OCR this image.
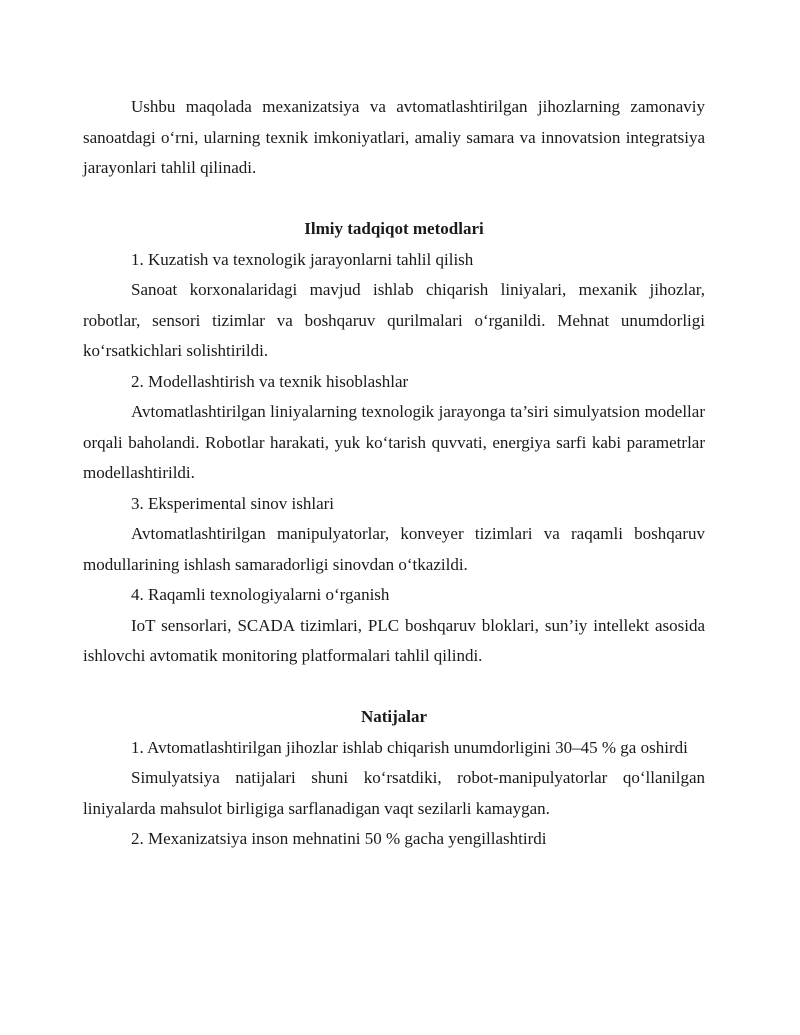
Ushbu maqolada mexanizatsiya va avtomatlashtirilgan jihozlarning zamonaviy sanoatdagi o‘rni, ularning texnik imkoniyatlari, amaliy samara va innovatsion integratsiya jarayonlari tahlil qilinadi.

Ilmiy tadqiqot metodlari

1. Kuzatish va texnologik jarayonlarni tahlil qilish

Sanoat korxonalaridagi mavjud ishlab chiqarish liniyalari, mexanik jihozlar, robotlar, sensori tizimlar va boshqaruv qurilmalari o‘rganildi. Mehnat unumdorligi ko‘rsatkichlari solishtirildi.

2. Modellashtirish va texnik hisoblashlar

Avtomatlashtirilgan liniyalarning texnologik jarayonga ta’siri simulyatsion modellar orqali baholandi. Robotlar harakati, yuk ko‘tarish quvvati, energiya sarfi kabi parametrlar modellashtirildi.

3. Eksperimental sinov ishlari

Avtomatlashtirilgan manipulyatorlar, konveyer tizimlari va raqamli boshqaruv modullarining ishlash samaradorligi sinovdan o‘tkazildi.

4. Raqamli texnologiyalarni o‘rganish

IoT sensorlari, SCADA tizimlari, PLC boshqaruv bloklari, sun’iy intellekt asosida ishlovchi avtomatik monitoring platformalari tahlil qilindi.

Natijalar

1. Avtomatlashtirilgan jihozlar ishlab chiqarish unumdorligini 30–45 % ga oshirdi

Simulyatsiya natijalari shuni ko‘rsatdiki, robot-manipulyatorlar qo‘llanilgan liniyalarda mahsulot birligiga sarflanadigan vaqt sezilarli kamaygan.

2. Mexanizatsiya inson mehnatini 50 % gacha yengillashtirdi
